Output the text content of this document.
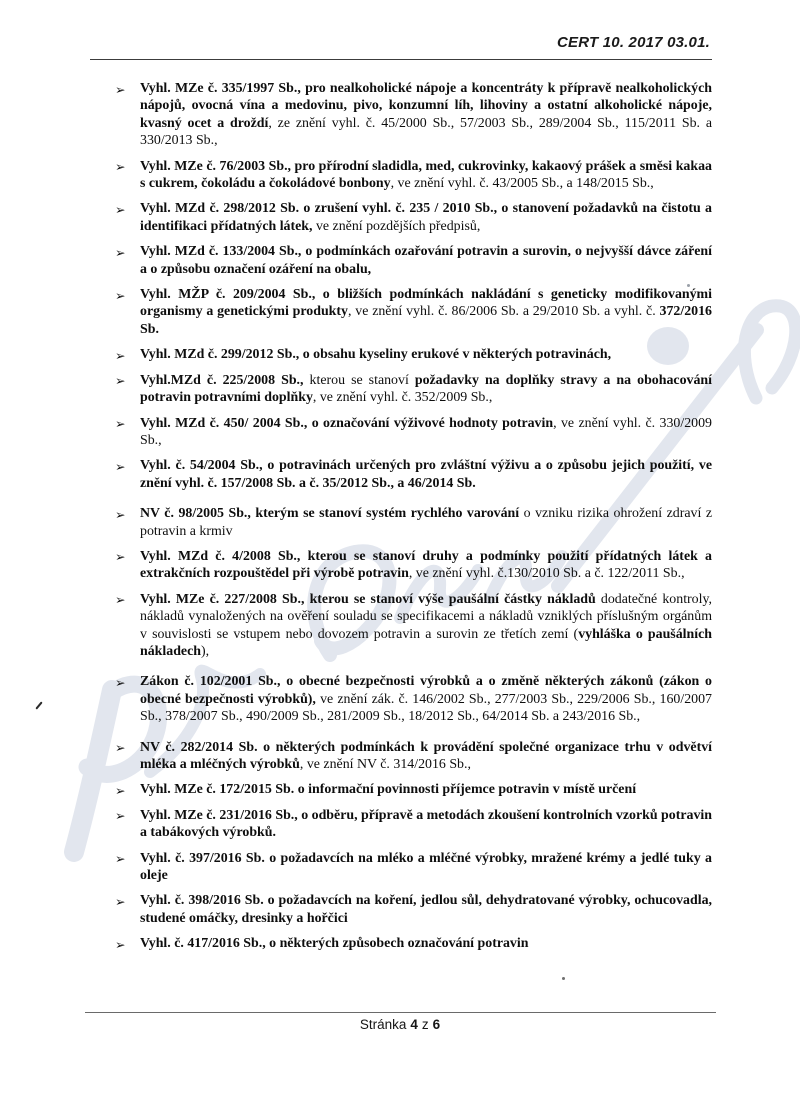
CERT 10. 2017 03.01.
➢ Vyhl. MZe č. 335/1997 Sb., pro nealkoholické nápoje a koncentráty k přípravě nealkoholických nápojů, ovocná vína a medovinu, pivo, konzumní líh, lihoviny a ostatní alkoholické nápoje, kvasný ocet a droždí, ze znění vyhl. č. 45/2000 Sb., 57/2003 Sb., 289/2004 Sb., 115/2011 Sb. a 330/2013 Sb.,
➢ Vyhl. MZe č. 76/2003 Sb., pro přírodní sladidla, med, cukrovinky, kakaový prášek a směsi kakaa s cukrem, čokoládu a čokoládové bonbony, ve znění vyhl. č. 43/2005 Sb., a 148/2015 Sb.,
➢ Vyhl. MZd č. 298/2012 Sb. o zrušení vyhl. č. 235 / 2010 Sb., o stanovení požadavků na čistotu a identifikaci přídatných látek, ve znění pozdějších předpisů,
➢ Vyhl. MZd č. 133/2004 Sb., o podmínkách ozařování potravin a surovin, o nejvyšší dávce záření a o způsobu označení ozáření na obalu,
➢ Vyhl. MŽP č. 209/2004 Sb., o bližších podmínkách nakládání s geneticky modifikovanými organismy a genetickými produkty, ve znění vyhl. č. 86/2006 Sb. a 29/2010 Sb. a vyhl. č. 372/2016 Sb.
➢ Vyhl. MZd č. 299/2012 Sb., o obsahu kyseliny erukové v některých potravinách,
➢ Vyhl.MZd č. 225/2008 Sb., kterou se stanoví požadavky na doplňky stravy a na obohacování potravin potravními doplňky, ve znění vyhl. č. 352/2009 Sb.,
➢ Vyhl. MZd č. 450/ 2004 Sb., o označování výživové hodnoty potravin, ve znění vyhl. č. 330/2009 Sb.,
➢ Vyhl. č. 54/2004 Sb., o potravinách určených pro zvláštní výživu a o způsobu jejich použití, ve znění vyhl. č. 157/2008 Sb. a č. 35/2012 Sb., a 46/2014 Sb.
➢ NV č. 98/2005 Sb., kterým se stanoví systém rychlého varování o vzniku rizika ohrožení zdraví z potravin a krmiv
➢ Vyhl. MZd č. 4/2008 Sb., kterou se stanoví druhy a podmínky použití přídatných látek a extrakčních rozpouštědel při výrobě potravin, ve znění vyhl. č.130/2010 Sb. a č. 122/2011 Sb.,
➢ Vyhl. MZe č. 227/2008 Sb., kterou se stanoví výše paušální částky nákladů dodatečné kontroly, nákladů vynaložených na ověření souladu se specifikacemi a nákladů vzniklých příslušným orgánům v souvislosti se vstupem nebo dovozem potravin a surovin ze třetích zemí (vyhláška o paušálních nákladech),
➢ Zákon č. 102/2001 Sb., o obecné bezpečnosti výrobků a o změně některých zákonů (zákon o obecné bezpečnosti výrobků), ve znění zák. č. 146/2002 Sb., 277/2003 Sb., 229/2006 Sb., 160/2007 Sb., 378/2007 Sb., 490/2009 Sb., 281/2009 Sb., 18/2012 Sb., 64/2014 Sb. a 243/2016 Sb.,
➢ NV č. 282/2014 Sb. o některých podmínkách k provádění společné organizace trhu v odvětví mléka a mléčných výrobků, ve znění NV č. 314/2016 Sb.,
➢ Vyhl. MZe č. 172/2015 Sb. o informační povinnosti příjemce potravin v místě určení
➢ Vyhl. MZe č. 231/2016 Sb., o odběru, přípravě a metodách zkoušení kontrolních vzorků potravin a tabákových výrobků.
➢ Vyhl. č. 397/2016 Sb. o požadavcích na mléko a mléčné výrobky, mražené krémy a jedlé tuky a oleje
➢ Vyhl. č. 398/2016 Sb. o požadavcích na koření, jedlou sůl, dehydratované výrobky, ochucovadla, studené omáčky, dresinky a hořčici
➢ Vyhl. č. 417/2016 Sb., o některých způsobech označování potravin
Stránka 4 z 6
